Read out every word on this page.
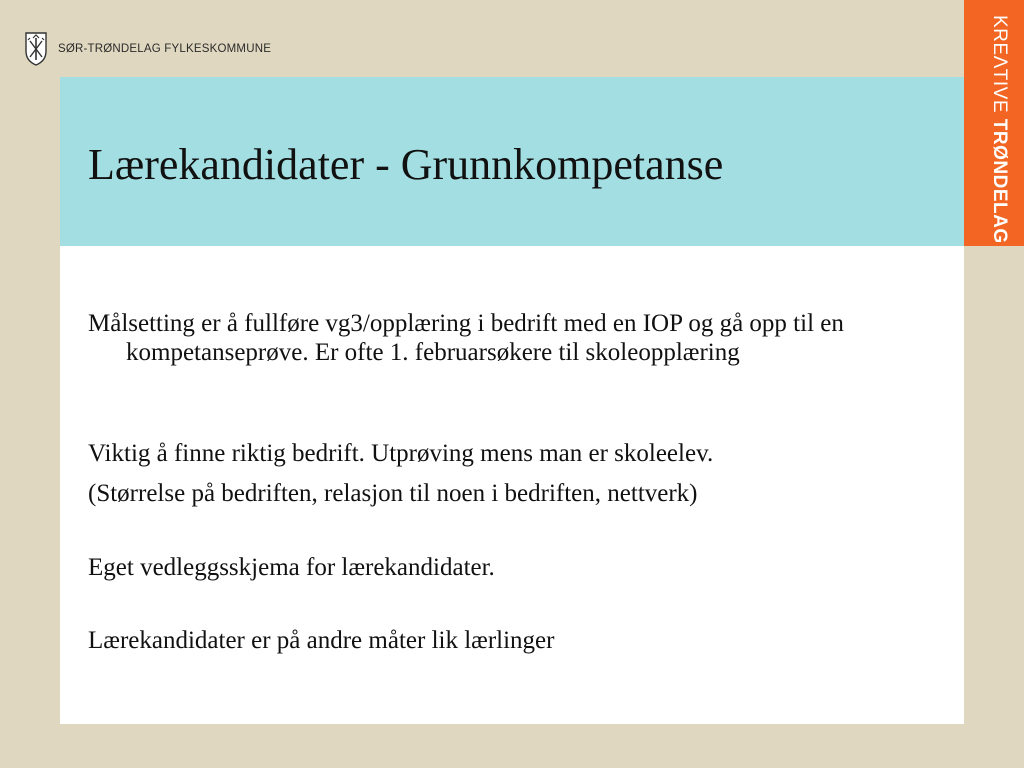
SØR-TRØNDELAG FYLKESKOMMUNE
Lærekandidater - Grunnkompetanse

Målsetting er å fullføre vg3/opplæring i bedrift med en IOP og gå opp til en kompetanseprøve. Er ofte 1. februarsøkere til skoleopplæring

Viktig å finne riktig bedrift. Utprøving mens man er skoleelev.

(Størrelse på bedriften, relasjon til noen i bedriften, nettverk)

Eget vedleggsskjema for lærekandidater.

Lærekandidater er på andre måter lik lærlinger

KREΛTIVE TRØNDELAG
